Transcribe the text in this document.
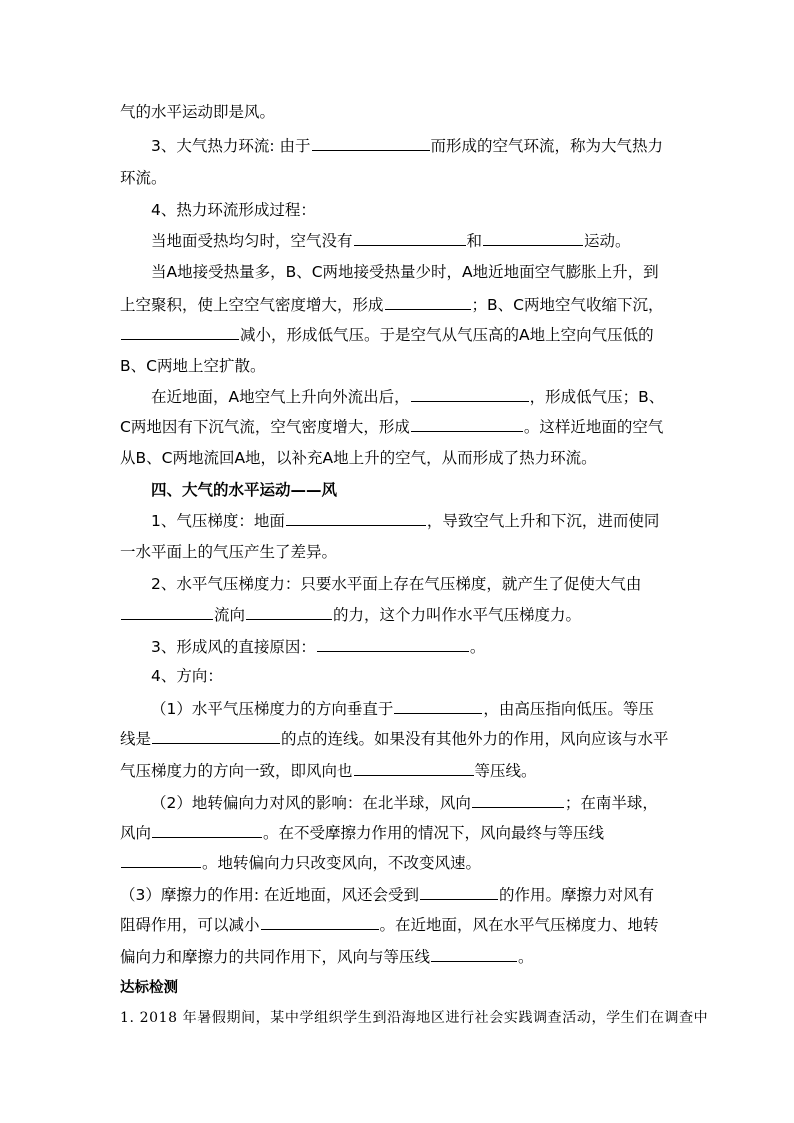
气的水平运动即是风。
3、大气热力环流: 由于	而形成的空气环流，称为大气热力
环流。
4、热力环流形成过程：
当地面受热均匀时，空气没有	和	运动。
当A地接受热量多，B、C两地接受热量少时，A地近地面空气膨胀上升，到
上空聚积，使上空空气密度增大，形成	；B、C两地空气收缩下沉，
减小，形成低气压。于是空气从气压高的A地上空向气压低的
B、C两地上空扩散。
在近地面，A地空气上升向外流出后，	，形成低气压；B、
C两地因有下沉气流，空气密度增大，形成	。这样近地面的空气
从B、C两地流回A地，以补充A地上升的空气，从而形成了热力环流。
四、大气的水平运动——风
1、气压梯度：地面	，导致空气上升和下沉，进而使同
一水平面上的气压产生了差异。
2、水平气压梯度力：只要水平面上存在气压梯度，就产生了促使大气由
流向	的力，这个力叫作水平气压梯度力。
3、形成风的直接原因：	。
4、方向：
（1）水平气压梯度力的方向垂直于	，由高压指向低压。等压
线是	的点的连线。如果没有其他外力的作用，风向应该与水平
气压梯度力的方向一致，即风向也	等压线。
（2）地转偏向力对风的影响：在北半球，风向	；在南半球，
风向	。在不受摩擦力作用的情况下，风向最终与等压线
。地转偏向力只改变风向，不改变风速。
（3）摩擦力的作用: 在近地面，风还会受到	的作用。摩擦力对风有
阻碍作用，可以减小	。在近地面，风在水平气压梯度力、地转
偏向力和摩擦力的共同作用下，风向与等压线	。
达标检测
1. 2018 年暑假期间，某中学组织学生到沿海地区进行社会实践调查活动，学生们在调查中
